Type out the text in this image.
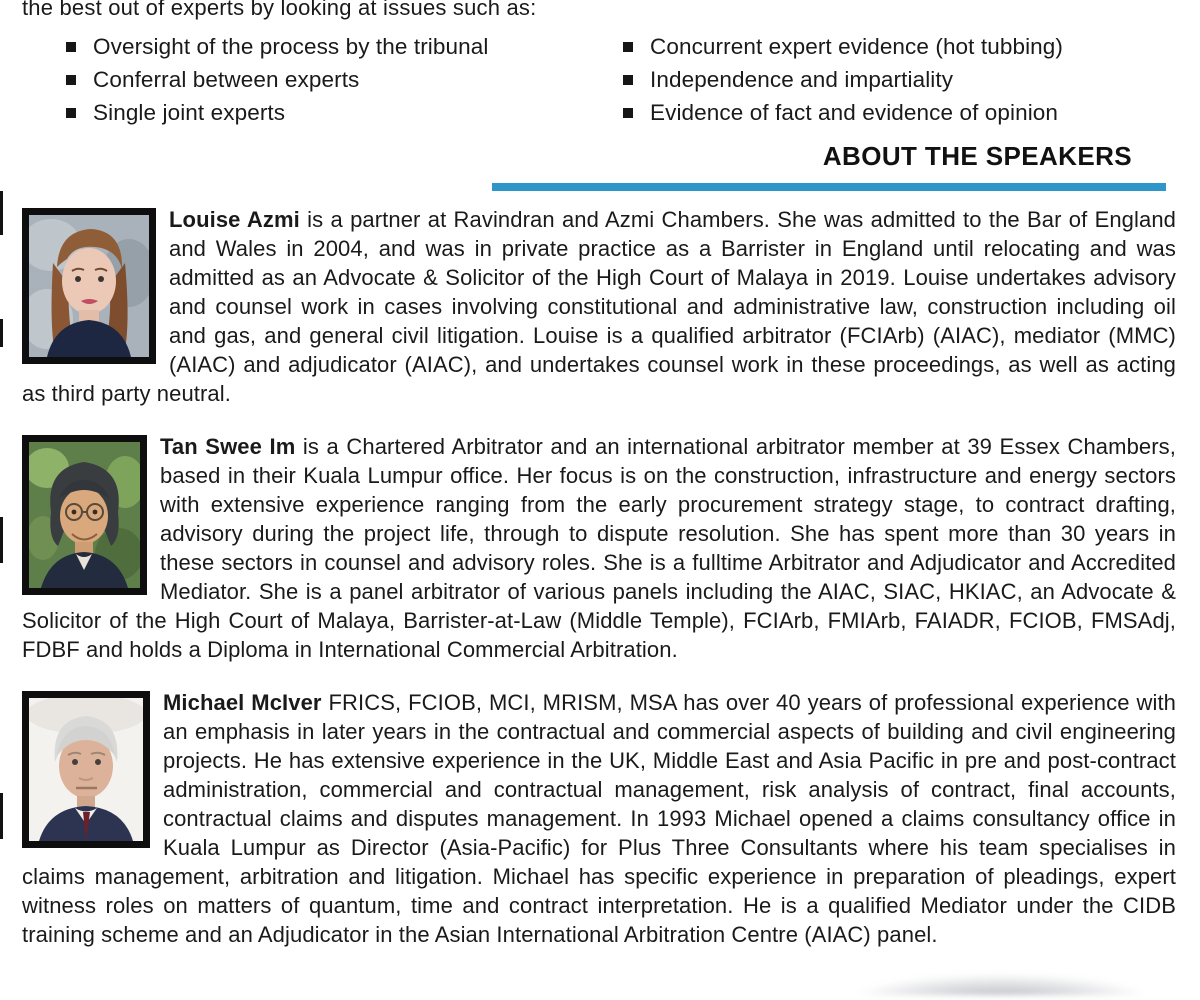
the best out of experts by looking at issues such as:
Oversight of the process by the tribunal	Concurrent expert evidence (hot tubbing)
Conferral between experts	Independence and impartiality
Single joint experts	Evidence of fact and evidence of opinion
ABOUT THE SPEAKERS
Louise Azmi is a partner at Ravindran and Azmi Chambers. She was admitted to the Bar of England and Wales in 2004, and was in private practice as a Barrister in England until relocating and was admitted as an Advocate & Solicitor of the High Court of Malaya in 2019. Louise undertakes advisory and counsel work in cases involving constitutional and administrative law, construction including oil and gas, and general civil litigation. Louise is a qualified arbitrator (FCIArb) (AIAC), mediator (MMC) (AIAC) and adjudicator (AIAC), and undertakes counsel work in these proceedings, as well as acting as third party neutral.
Tan Swee Im is a Chartered Arbitrator and an international arbitrator member at 39 Essex Chambers, based in their Kuala Lumpur office. Her focus is on the construction, infrastructure and energy sectors with extensive experience ranging from the early procurement strategy stage, to contract drafting, advisory during the project life, through to dispute resolution. She has spent more than 30 years in these sectors in counsel and advisory roles. She is a fulltime Arbitrator and Adjudicator and Accredited Mediator. She is a panel arbitrator of various panels including the AIAC, SIAC, HKIAC, an Advocate & Solicitor of the High Court of Malaya, Barrister-at-Law (Middle Temple), FCIArb, FMIArb, FAIADR, FCIOB, FMSAdj, FDBF and holds a Diploma in International Commercial Arbitration.
Michael McIver FRICS, FCIOB, MCI, MRISM, MSA has over 40 years of professional experience with an emphasis in later years in the contractual and commercial aspects of building and civil engineering projects. He has extensive experience in the UK, Middle East and Asia Pacific in pre and post-contract administration, commercial and contractual management, risk analysis of contract, final accounts, contractual claims and disputes management. In 1993 Michael opened a claims consultancy office in Kuala Lumpur as Director (Asia-Pacific) for Plus Three Consultants where his team specialises in claims management, arbitration and litigation. Michael has specific experience in preparation of pleadings, expert witness roles on matters of quantum, time and contract interpretation. He is a qualified Mediator under the CIDB training scheme and an Adjudicator in the Asian International Arbitration Centre (AIAC) panel.
